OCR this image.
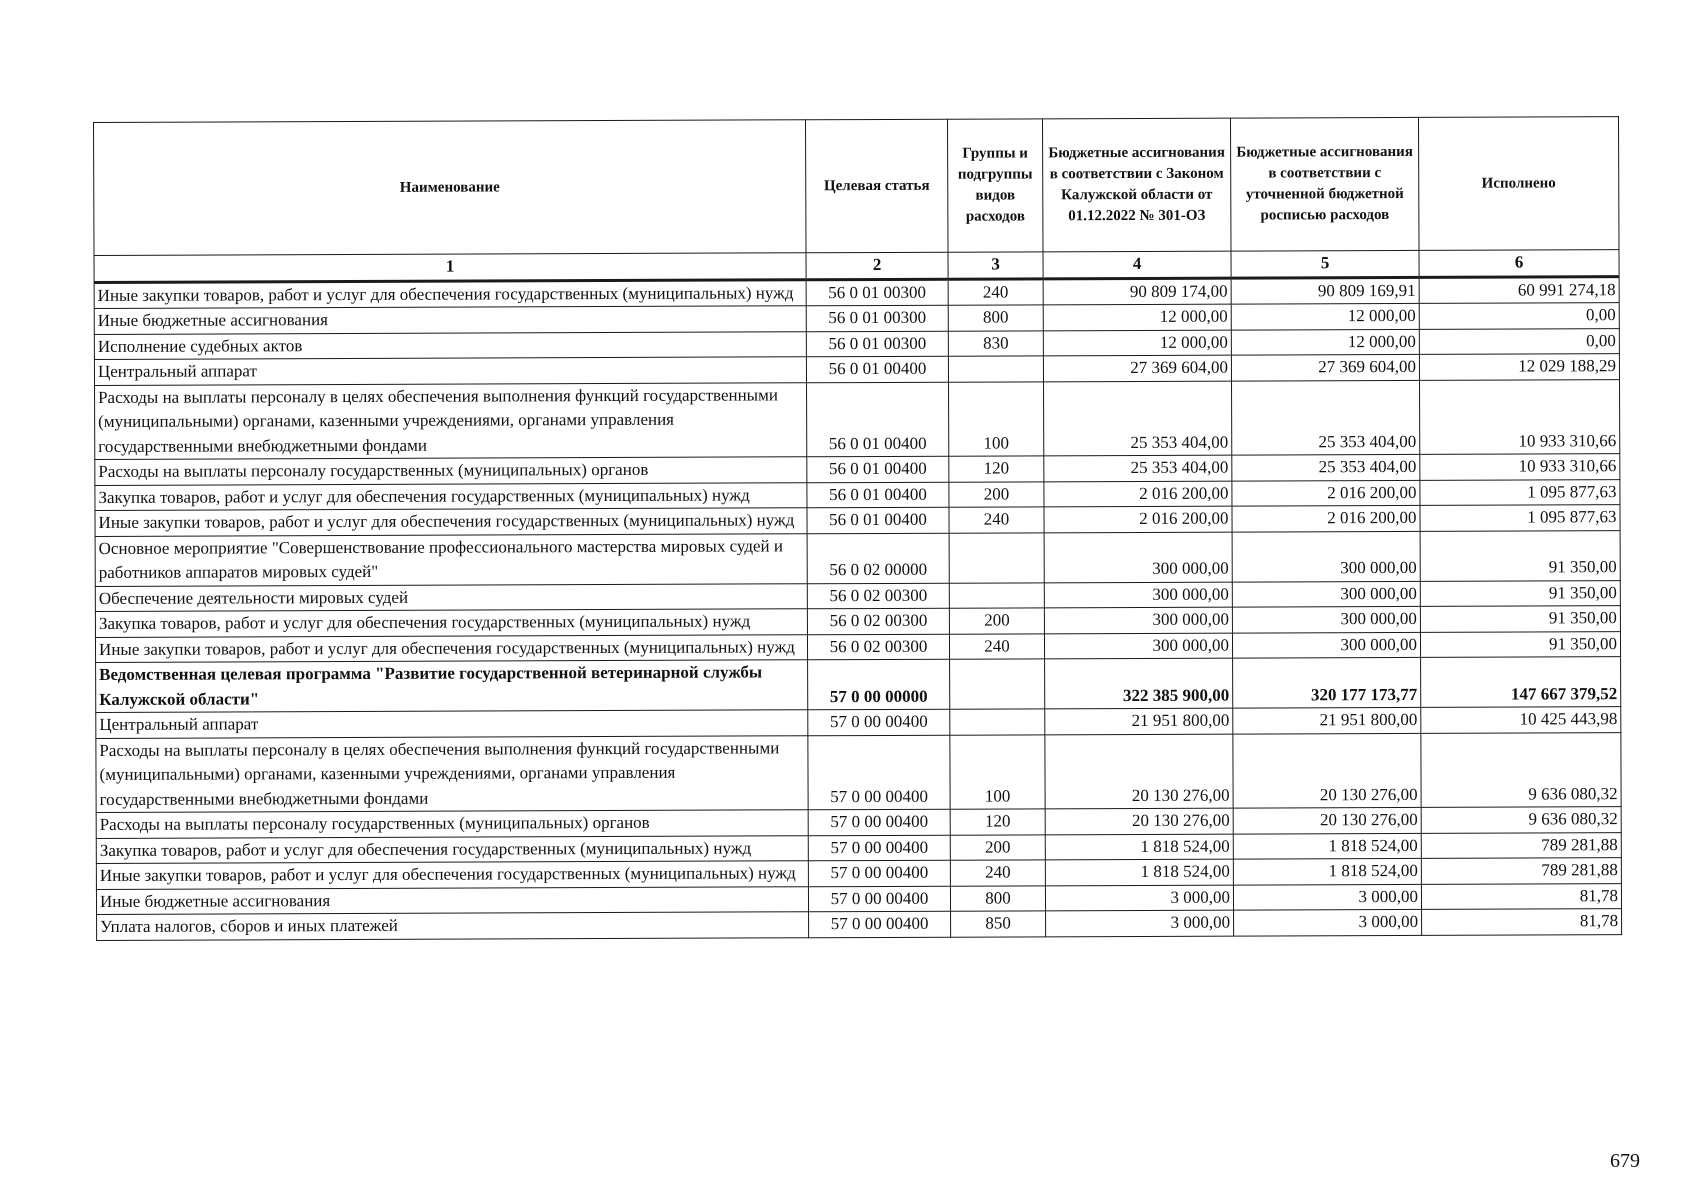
Наименование	Целевая статья	Группы и подгруппы видов расходов	Бюджетные ассигнования в соответствии с Законом Калужской области от 01.12.2022 № 301-ОЗ	Бюджетные ассигнования в соответствии с уточненной бюджетной росписью расходов	Исполнено
1	2	3	4	5	6
Иные закупки товаров, работ и услуг для обеспечения государственных (муниципальных) нужд	56 0 01 00300	240	90 809 174,00	90 809 169,91	60 991 274,18
Иные бюджетные ассигнования	56 0 01 00300	800	12 000,00	12 000,00	0,00
Исполнение судебных актов	56 0 01 00300	830	12 000,00	12 000,00	0,00
Центральный аппарат	56 0 01 00400		27 369 604,00	27 369 604,00	12 029 188,29
Расходы на выплаты персоналу в целях обеспечения выполнения функций государственными (муниципальными) органами, казенными учреждениями, органами управления государственными внебюджетными фондами	56 0 01 00400	100	25 353 404,00	25 353 404,00	10 933 310,66
Расходы на выплаты персоналу государственных (муниципальных) органов	56 0 01 00400	120	25 353 404,00	25 353 404,00	10 933 310,66
Закупка товаров, работ и услуг для обеспечения государственных (муниципальных) нужд	56 0 01 00400	200	2 016 200,00	2 016 200,00	1 095 877,63
Иные закупки товаров, работ и услуг для обеспечения государственных (муниципальных) нужд	56 0 01 00400	240	2 016 200,00	2 016 200,00	1 095 877,63
Основное мероприятие "Совершенствование профессионального мастерства мировых судей и работников аппаратов мировых судей"	56 0 02 00000		300 000,00	300 000,00	91 350,00
Обеспечение деятельности мировых судей	56 0 02 00300		300 000,00	300 000,00	91 350,00
Закупка товаров, работ и услуг для обеспечения государственных (муниципальных) нужд	56 0 02 00300	200	300 000,00	300 000,00	91 350,00
Иные закупки товаров, работ и услуг для обеспечения государственных (муниципальных) нужд	56 0 02 00300	240	300 000,00	300 000,00	91 350,00
Ведомственная целевая программа "Развитие государственной ветеринарной службы Калужской области"	57 0 00 00000		322 385 900,00	320 177 173,77	147 667 379,52
Центральный аппарат	57 0 00 00400		21 951 800,00	21 951 800,00	10 425 443,98
Расходы на выплаты персоналу в целях обеспечения выполнения функций государственными (муниципальными) органами, казенными учреждениями, органами управления государственными внебюджетными фондами	57 0 00 00400	100	20 130 276,00	20 130 276,00	9 636 080,32
Расходы на выплаты персоналу государственных (муниципальных) органов	57 0 00 00400	120	20 130 276,00	20 130 276,00	9 636 080,32
Закупка товаров, работ и услуг для обеспечения государственных (муниципальных) нужд	57 0 00 00400	200	1 818 524,00	1 818 524,00	789 281,88
Иные закупки товаров, работ и услуг для обеспечения государственных (муниципальных) нужд	57 0 00 00400	240	1 818 524,00	1 818 524,00	789 281,88
Иные бюджетные ассигнования	57 0 00 00400	800	3 000,00	3 000,00	81,78
Уплата налогов, сборов и иных платежей	57 0 00 00400	850	3 000,00	3 000,00	81,78
679
